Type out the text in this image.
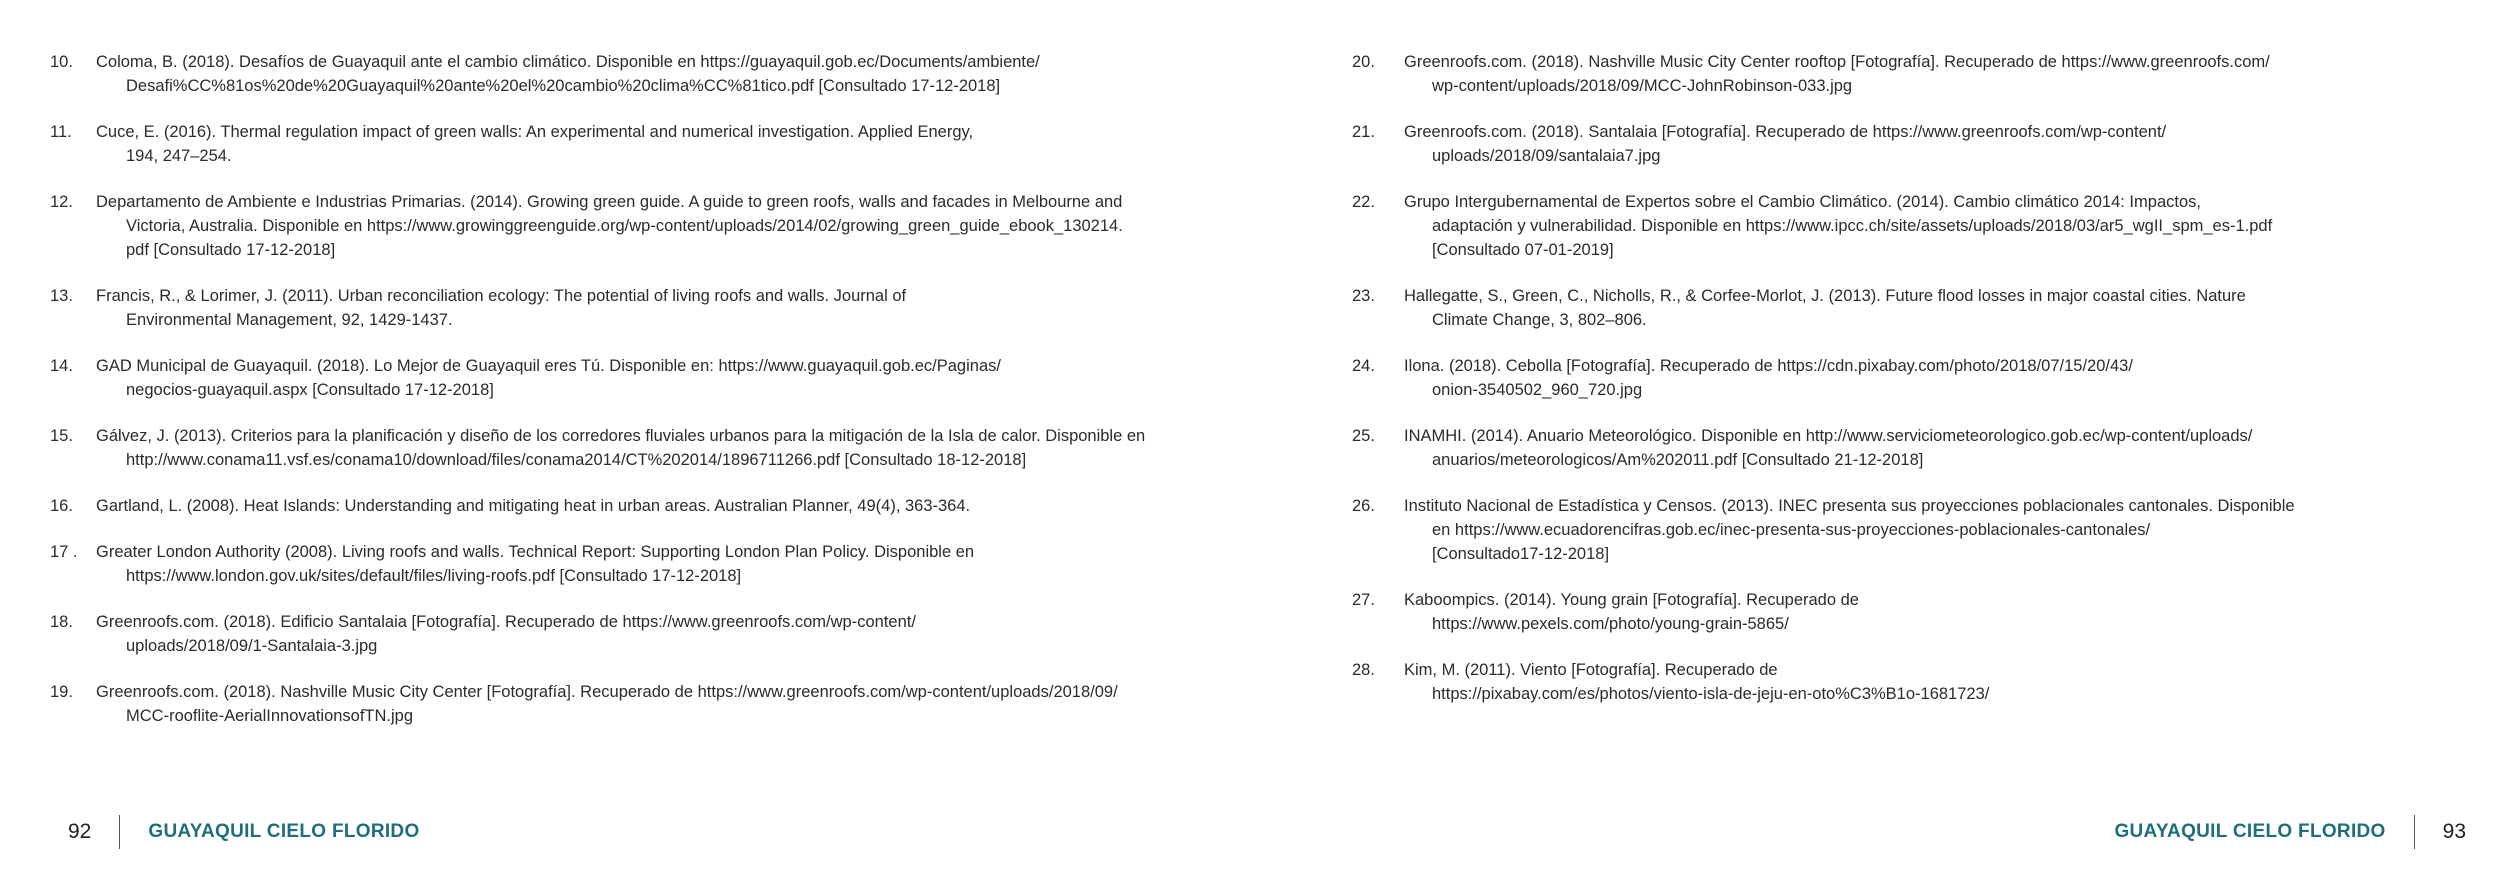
10.	Coloma, B. (2018). Desafíos de Guayaquil ante el cambio climático. Disponible en https://guayaquil.gob.ec/Documents/ambiente/
Desafi%CC%81os%20de%20Guayaquil%20ante%20el%20cambio%20clima%CC%81tico.pdf [Consultado 17-12-2018]
11.	Cuce, E. (2016). Thermal regulation impact of green walls: An experimental and numerical investigation. Applied Energy,
194, 247–254.
12.	Departamento de Ambiente e Industrias Primarias. (2014). Growing green guide. A guide to green roofs, walls and facades in Melbourne and
Victoria, Australia. Disponible en https://www.growinggreenguide.org/wp-content/uploads/2014/02/growing_green_guide_ebook_130214.
pdf [Consultado 17-12-2018]
13.	Francis, R., & Lorimer, J. (2011). Urban reconciliation ecology: The potential of living roofs and walls. Journal of
Environmental Management, 92, 1429-1437.
14.	GAD Municipal de Guayaquil. (2018). Lo Mejor de Guayaquil eres Tú. Disponible en: https://www.guayaquil.gob.ec/Paginas/
negocios-guayaquil.aspx [Consultado 17-12-2018]
15.	Gálvez, J. (2013). Criterios para la planificación y diseño de los corredores fluviales urbanos para la mitigación de la Isla de calor. Disponible en
http://www.conama11.vsf.es/conama10/download/files/conama2014/CT%202014/1896711266.pdf [Consultado 18-12-2018]
16.	Gartland, L. (2008). Heat Islands: Understanding and mitigating heat in urban areas. Australian Planner, 49(4), 363-364.
17 .	Greater London Authority (2008). Living roofs and walls. Technical Report: Supporting London Plan Policy. Disponible en
https://www.london.gov.uk/sites/default/files/living-roofs.pdf [Consultado 17-12-2018]
18.	Greenroofs.com. (2018). Edificio Santalaia [Fotografía]. Recuperado de https://www.greenroofs.com/wp-content/
uploads/2018/09/1-Santalaia-3.jpg
19.	Greenroofs.com. (2018). Nashville Music City Center [Fotografía]. Recuperado de https://www.greenroofs.com/wp-content/uploads/2018/09/
MCC-rooflite-AerialInnovationsofTN.jpg
92	GUAYAQUIL CIELO FLORIDO
20.	Greenroofs.com. (2018). Nashville Music City Center rooftop [Fotografía]. Recuperado de https://www.greenroofs.com/
wp-content/uploads/2018/09/MCC-JohnRobinson-033.jpg
21.	Greenroofs.com. (2018). Santalaia [Fotografía]. Recuperado de https://www.greenroofs.com/wp-content/
uploads/2018/09/santalaia7.jpg
22.	Grupo Intergubernamental de Expertos sobre el Cambio Climático. (2014). Cambio climático 2014: Impactos,
adaptación y vulnerabilidad. Disponible en https://www.ipcc.ch/site/assets/uploads/2018/03/ar5_wgII_spm_es-1.pdf
[Consultado 07-01-2019]
23.	Hallegatte, S., Green, C., Nicholls, R., & Corfee-Morlot, J. (2013). Future flood losses in major coastal cities. Nature
Climate Change, 3, 802–806.
24.	Ilona. (2018). Cebolla [Fotografía]. Recuperado de https://cdn.pixabay.com/photo/2018/07/15/20/43/
onion-3540502_960_720.jpg
25.	INAMHI. (2014). Anuario Meteorológico. Disponible en http://www.serviciometeorologico.gob.ec/wp-content/uploads/
anuarios/meteorologicos/Am%202011.pdf [Consultado 21-12-2018]
26.	Instituto Nacional de Estadística y Censos. (2013). INEC presenta sus proyecciones poblacionales cantonales. Disponible
en https://www.ecuadorencifras.gob.ec/inec-presenta-sus-proyecciones-poblacionales-cantonales/
[Consultado17-12-2018]
27.	Kaboompics. (2014). Young grain [Fotografía]. Recuperado de
https://www.pexels.com/photo/young-grain-5865/
28.	Kim, M. (2011). Viento [Fotografía]. Recuperado de
https://pixabay.com/es/photos/viento-isla-de-jeju-en-oto%C3%B1o-1681723/
GUAYAQUIL CIELO FLORIDO	93
